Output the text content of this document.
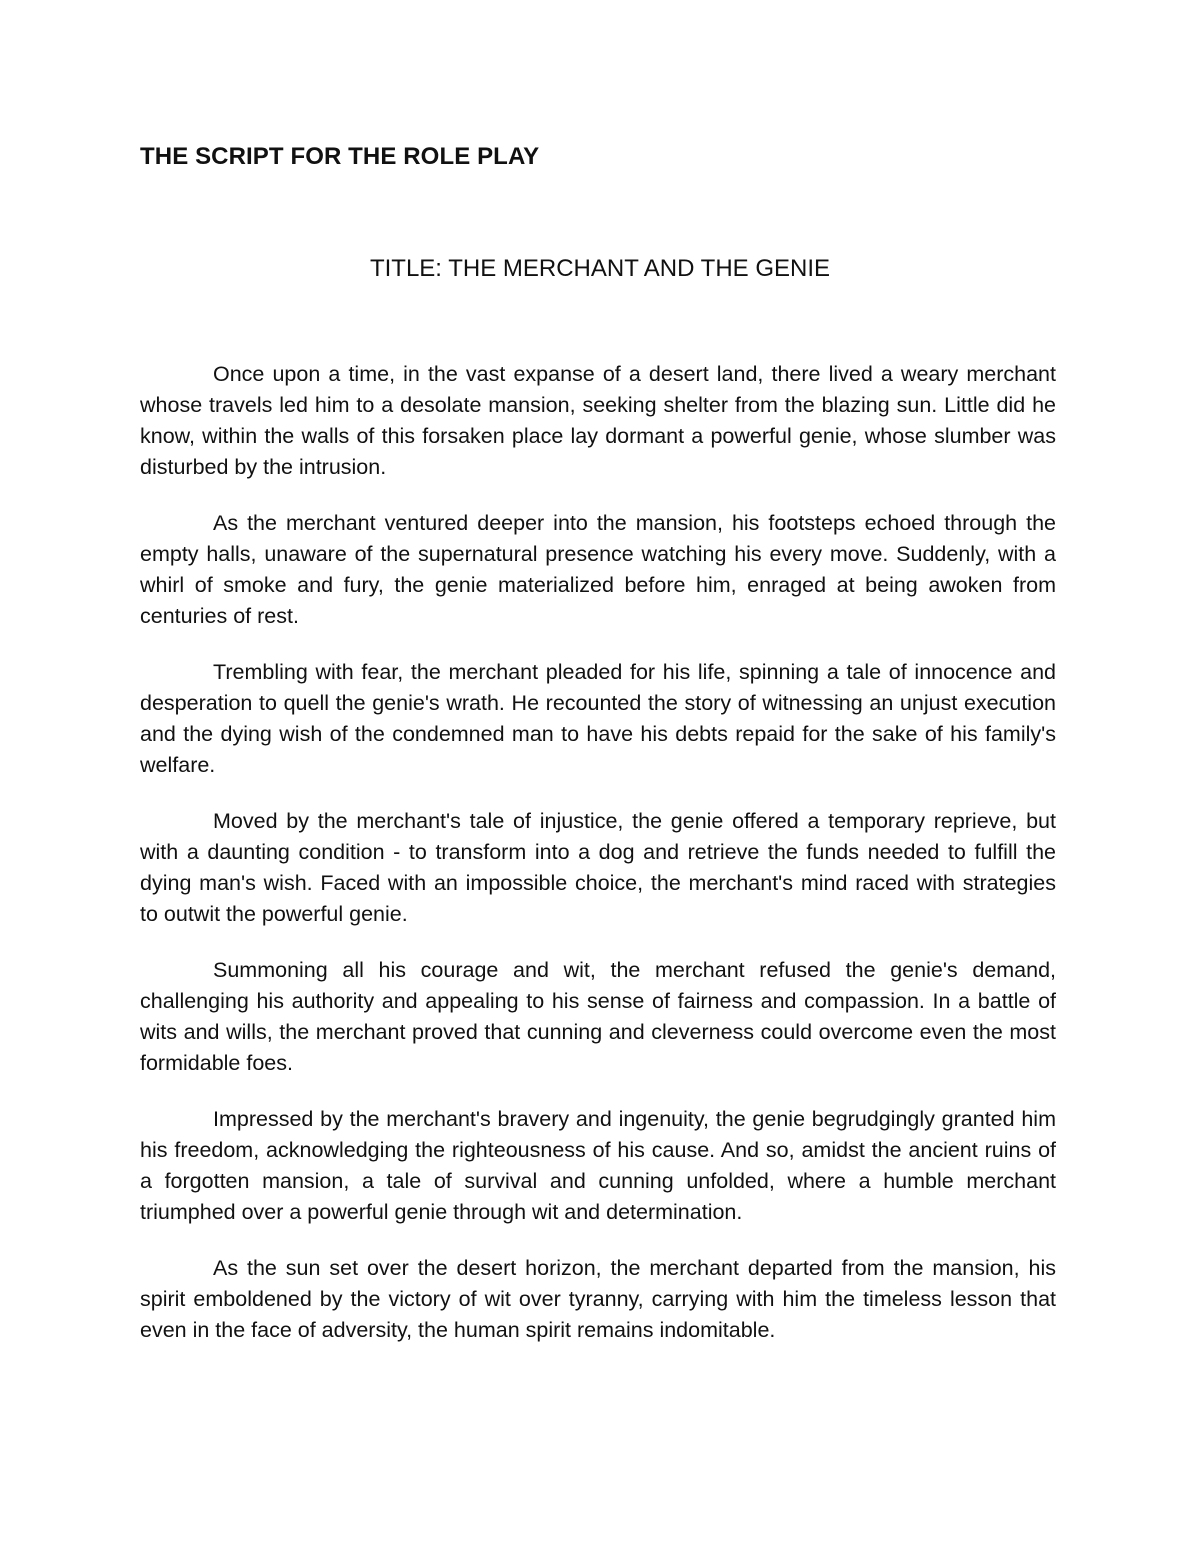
THE SCRIPT FOR THE ROLE PLAY
TITLE: THE MERCHANT AND THE GENIE

Once upon a time, in the vast expanse of a desert land, there lived a weary merchant whose travels led him to a desolate mansion, seeking shelter from the blazing sun. Little did he know, within the walls of this forsaken place lay dormant a powerful genie, whose slumber was disturbed by the intrusion.

As the merchant ventured deeper into the mansion, his footsteps echoed through the empty halls, unaware of the supernatural presence watching his every move. Suddenly, with a whirl of smoke and fury, the genie materialized before him, enraged at being awoken from centuries of rest.

Trembling with fear, the merchant pleaded for his life, spinning a tale of innocence and desperation to quell the genie's wrath. He recounted the story of witnessing an unjust execution and the dying wish of the condemned man to have his debts repaid for the sake of his family's welfare.

Moved by the merchant's tale of injustice, the genie offered a temporary reprieve, but with a daunting condition - to transform into a dog and retrieve the funds needed to fulfill the dying man's wish. Faced with an impossible choice, the merchant's mind raced with strategies to outwit the powerful genie.

Summoning all his courage and wit, the merchant refused the genie's demand, challenging his authority and appealing to his sense of fairness and compassion. In a battle of wits and wills, the merchant proved that cunning and cleverness could overcome even the most formidable foes.

Impressed by the merchant's bravery and ingenuity, the genie begrudgingly granted him his freedom, acknowledging the righteousness of his cause. And so, amidst the ancient ruins of a forgotten mansion, a tale of survival and cunning unfolded, where a humble merchant triumphed over a powerful genie through wit and determination.

As the sun set over the desert horizon, the merchant departed from the mansion, his spirit emboldened by the victory of wit over tyranny, carrying with him the timeless lesson that even in the face of adversity, the human spirit remains indomitable.
